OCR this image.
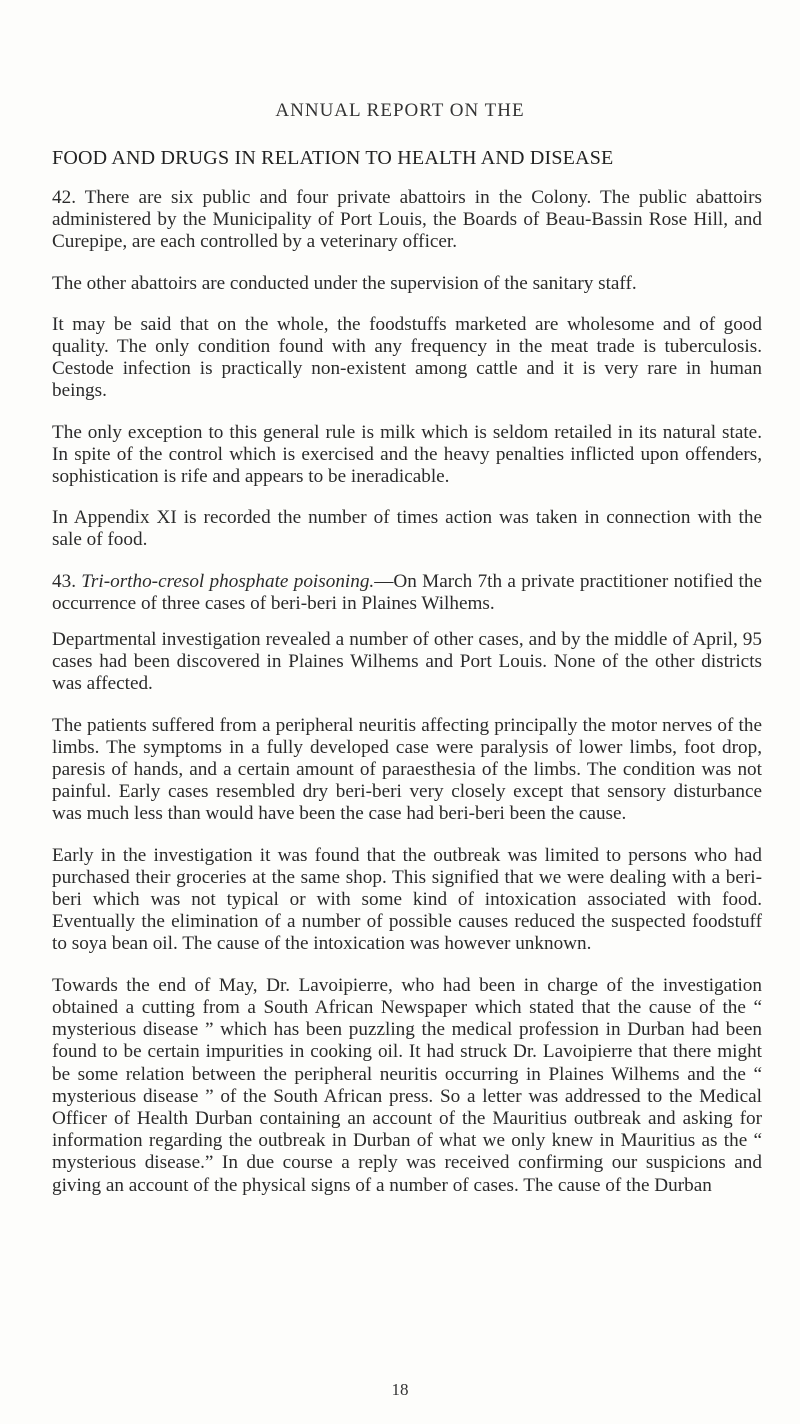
ANNUAL REPORT ON THE
FOOD AND DRUGS IN RELATION TO HEALTH AND DISEASE

42. There are six public and four private abattoirs in the Colony. The public abattoirs administered by the Municipality of Port Louis, the Boards of Beau-Bassin Rose Hill, and Curepipe, are each controlled by a veterinary officer.

The other abattoirs are conducted under the supervision of the sanitary staff.

It may be said that on the whole, the foodstuffs marketed are wholesome and of good quality. The only condition found with any frequency in the meat trade is tuberculosis. Cestode infection is practically non-existent among cattle and it is very rare in human beings.

The only exception to this general rule is milk which is seldom retailed in its natural state. In spite of the control which is exercised and the heavy penalties inflicted upon offenders, sophistication is rife and appears to be ineradicable.

In Appendix XI is recorded the number of times action was taken in connection with the sale of food.

43. Tri-ortho-cresol phosphate poisoning.—On March 7th a private practitioner notified the occurrence of three cases of beri-beri in Plaines Wilhems.

Departmental investigation revealed a number of other cases, and by the middle of April, 95 cases had been discovered in Plaines Wilhems and Port Louis. None of the other districts was affected.

The patients suffered from a peripheral neuritis affecting principally the motor nerves of the limbs. The symptoms in a fully developed case were paralysis of lower limbs, foot drop, paresis of hands, and a certain amount of paraesthesia of the limbs. The condition was not painful. Early cases resembled dry beri-beri very closely except that sensory disturbance was much less than would have been the case had beri-beri been the cause.

Early in the investigation it was found that the outbreak was limited to persons who had purchased their groceries at the same shop. This signified that we were dealing with a beri-beri which was not typical or with some kind of intoxication associated with food. Eventually the elimination of a number of possible causes reduced the suspected foodstuff to soya bean oil. The cause of the intoxication was however unknown.

Towards the end of May, Dr. Lavoipierre, who had been in charge of the investigation obtained a cutting from a South African Newspaper which stated that the cause of the “ mysterious disease ” which has been puzzling the medical profession in Durban had been found to be certain impurities in cooking oil. It had struck Dr. Lavoipierre that there might be some relation between the peripheral neuritis occurring in Plaines Wilhems and the “ mysterious disease ” of the South African press. So a letter was addressed to the Medical Officer of Health Durban containing an account of the Mauritius outbreak and asking for information regarding the outbreak in Durban of what we only knew in Mauritius as the “ mysterious disease.” In due course a reply was received confirming our suspicions and giving an account of the physical signs of a number of cases. The cause of the Durban

18
